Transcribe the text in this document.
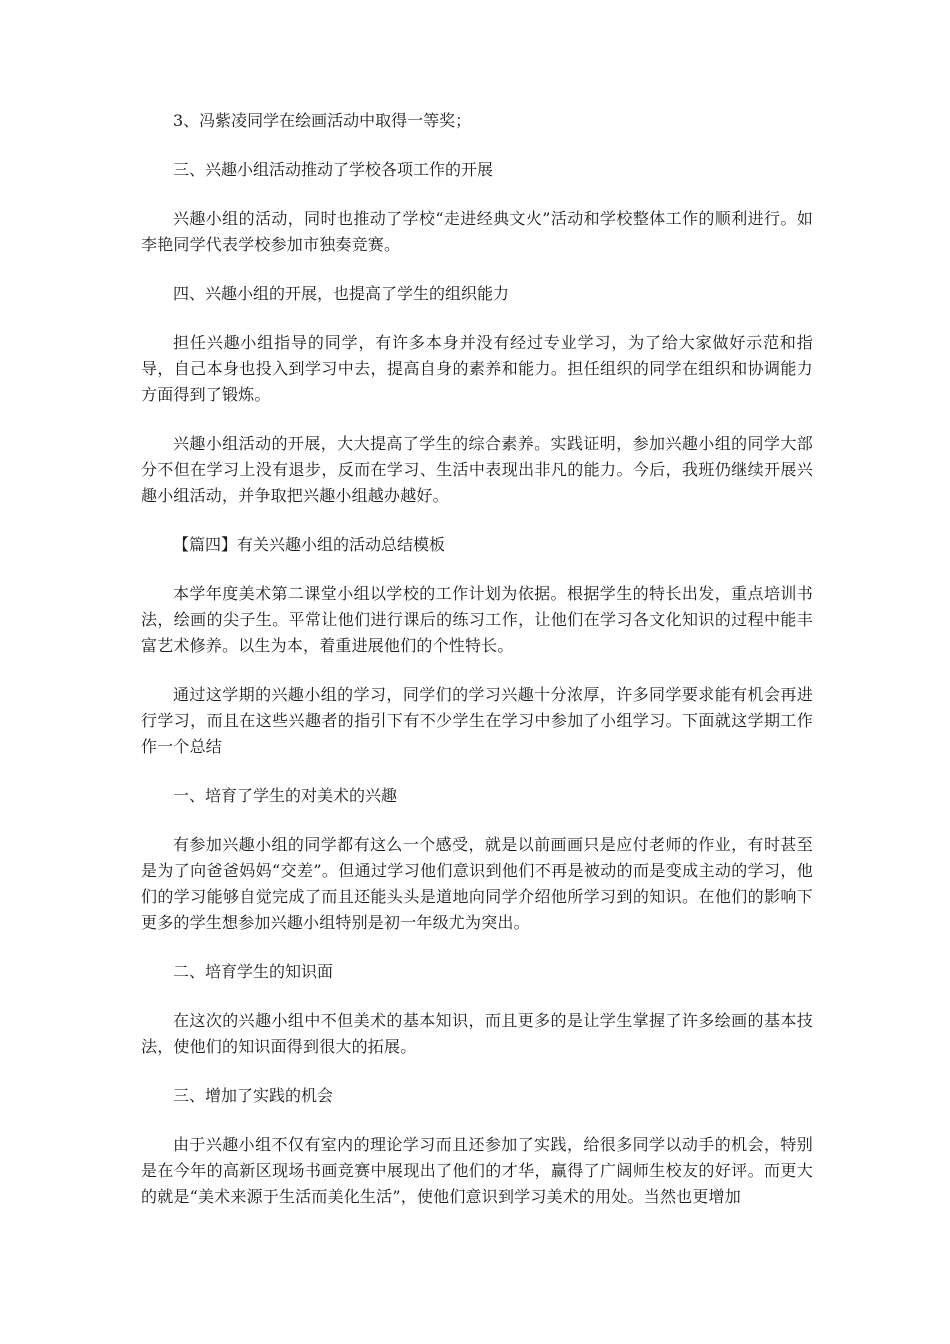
3、冯紫凌同学在绘画活动中取得一等奖；

三、兴趣小组活动推动了学校各项工作的开展

兴趣小组的活动，同时也推动了学校“走进经典文火”活动和学校整体工作的顺利进行。如李艳同学代表学校参加市独奏竞赛。

四、兴趣小组的开展，也提高了学生的组织能力

担任兴趣小组指导的同学，有许多本身并没有经过专业学习，为了给大家做好示范和指导，自己本身也投入到学习中去，提高自身的素养和能力。担任组织的同学在组织和协调能力方面得到了锻炼。

兴趣小组活动的开展，大大提高了学生的综合素养。实践证明，参加兴趣小组的同学大部分不但在学习上没有退步，反而在学习、生活中表现出非凡的能力。今后，我班仍继续开展兴趣小组活动，并争取把兴趣小组越办越好。

【篇四】有关兴趣小组的活动总结模板

本学年度美术第二课堂小组以学校的工作计划为依据。根据学生的特长出发，重点培训书法，绘画的尖子生。平常让他们进行课后的练习工作，让他们在学习各文化知识的过程中能丰富艺术修养。以生为本，着重进展他们的个性特长。

通过这学期的兴趣小组的学习，同学们的学习兴趣十分浓厚，许多同学要求能有机会再进行学习，而且在这些兴趣者的指引下有不少学生在学习中参加了小组学习。下面就这学期工作作一个总结

一、培育了学生的对美术的兴趣

有参加兴趣小组的同学都有这么一个感受，就是以前画画只是应付老师的作业，有时甚至是为了向爸爸妈妈“交差”。但通过学习他们意识到他们不再是被动的而是变成主动的学习，他们的学习能够自觉完成了而且还能头头是道地向同学介绍他所学习到的知识。在他们的影响下更多的学生想参加兴趣小组特别是初一年级尤为突出。

二、培育学生的知识面

在这次的兴趣小组中不但美术的基本知识，而且更多的是让学生掌握了许多绘画的基本技法，使他们的知识面得到很大的拓展。

三、增加了实践的机会

由于兴趣小组不仅有室内的理论学习而且还参加了实践，给很多同学以动手的机会，特别是在今年的高新区现场书画竞赛中展现出了他们的才华，赢得了广阔师生校友的好评。而更大的就是“美术来源于生活而美化生活”，使他们意识到学习美术的用处。当然也更增加
